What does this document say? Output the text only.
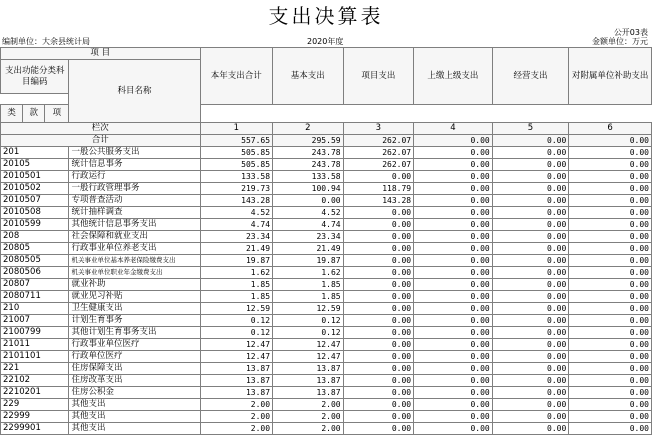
支出决算表
公开03表
编制单位：大余县统计局	2020年度	金额单位：万元
项 目				本年支出合计	基本支出	项目支出	上缴上级支出	经营支出	对附属单位补助支出
支出功能分类科目编码			科目名称						

类	款	项							
栏次				1	2	3	4	5	6
合计				557.65	295.59	262.07	0.00	0.00	0.00
201			一般公共服务支出	505.85	243.78	262.07	0.00	0.00	0.00
20105			统计信息事务	505.85	243.78	262.07	0.00	0.00	0.00
2010501			行政运行	133.58	133.58	0.00	0.00	0.00	0.00
2010502			一般行政管理事务	219.73	100.94	118.79	0.00	0.00	0.00
2010507			专项普查活动	143.28	0.00	143.28	0.00	0.00	0.00
2010508			统计抽样调查	4.52	4.52	0.00	0.00	0.00	0.00
2010599			其他统计信息事务支出	4.74	4.74	0.00	0.00	0.00	0.00
208			社会保障和就业支出	23.34	23.34	0.00	0.00	0.00	0.00
20805			行政事业单位养老支出	21.49	21.49	0.00	0.00	0.00	0.00
2080505			机关事业单位基本养老保险缴费支出	19.87	19.87	0.00	0.00	0.00	0.00
2080506			机关事业单位职业年金缴费支出	1.62	1.62	0.00	0.00	0.00	0.00
20807			就业补助	1.85	1.85	0.00	0.00	0.00	0.00
2080711			就业见习补贴	1.85	1.85	0.00	0.00	0.00	0.00
210			卫生健康支出	12.59	12.59	0.00	0.00	0.00	0.00
21007			计划生育事务	0.12	0.12	0.00	0.00	0.00	0.00
2100799			其他计划生育事务支出	0.12	0.12	0.00	0.00	0.00	0.00
21011			行政事业单位医疗	12.47	12.47	0.00	0.00	0.00	0.00
2101101			行政单位医疗	12.47	12.47	0.00	0.00	0.00	0.00
221			住房保障支出	13.87	13.87	0.00	0.00	0.00	0.00
22102			住房改革支出	13.87	13.87	0.00	0.00	0.00	0.00
2210201			住房公积金	13.87	13.87	0.00	0.00	0.00	0.00
229			其他支出	2.00	2.00	0.00	0.00	0.00	0.00
22999			其他支出	2.00	2.00	0.00	0.00	0.00	0.00
2299901			其他支出	2.00	2.00	0.00	0.00	0.00	0.00
